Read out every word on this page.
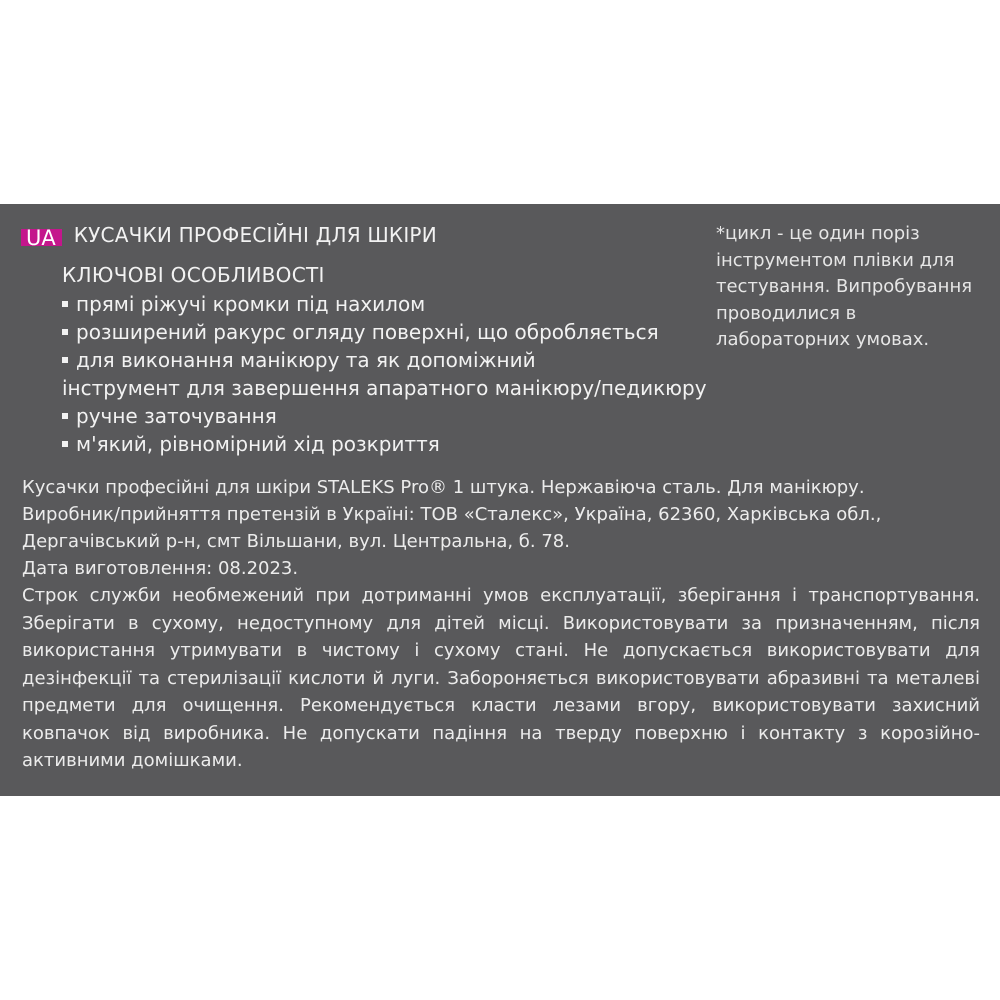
UA КУСАЧКИ ПРОФЕСІЙНІ ДЛЯ ШКІРИ
КЛЮЧОВІ ОСОБЛИВОСТІ
прямі ріжучі кромки під нахилом
розширений ракурс огляду поверхні, що обробляється
для виконання манікюру та як допоміжний
інструмент для завершення апаратного манікюру/педикюру
ручне заточування
м'який, рівномірний хід розкриття
*цикл - це один поріз інструментом плівки для тестування. Випробування проводилися в лабораторних умовах.
Кусачки професійні для шкіри STALEKS Pro® 1 штука. Нержавіюча сталь. Для манікюру.
Виробник/прийняття претензій в Україні: ТОВ «Сталекс», Україна, 62360, Харківська обл.,
Дергачівський р-н, смт Вільшани, вул. Центральна, б. 78.
Дата виготовлення: 08.2023.
Строк служби необмежений при дотриманні умов експлуатації, зберігання і транспортування. Зберігати в сухому, недоступному для дітей місці. Використовувати за призначенням, після використання утримувати в чистому і сухому стані. Не допускається використовувати для дезінфекції та стерилізації кислоти й луги. Забороняється використовувати абразивні та металеві предмети для очищення. Рекомендується класти лезами вгору, використовувати захисний ковпачок від виробника. Не допускати падіння на тверду поверхню і контакту з корозійно-активними домішками.
